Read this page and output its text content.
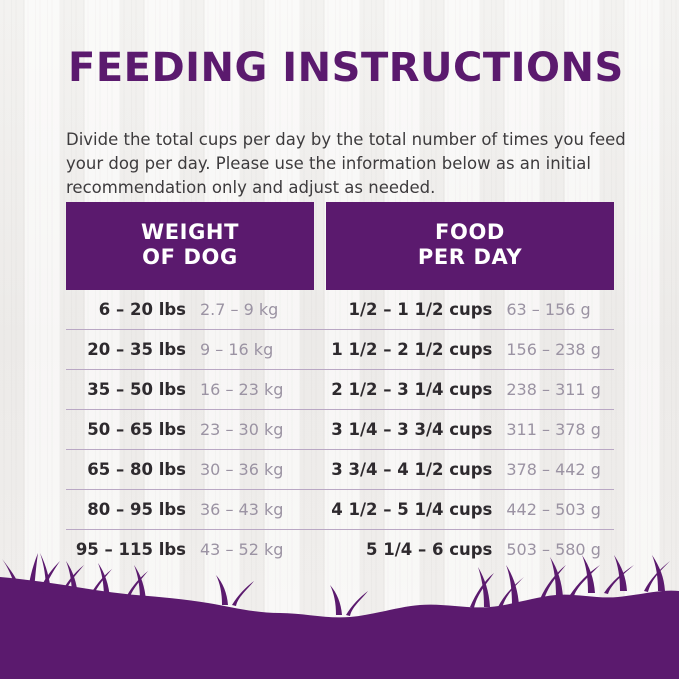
FEEDING INSTRUCTIONS
Divide the total cups per day by the total number of times you feed your dog per day. Please use the information below as an initial recommendation only and adjust as needed.
WEIGHT
OF DOG
FOOD
PER DAY
6 – 20 lbs 2.7 – 9 kg	1/2 – 1 1/2 cups 63 – 156 g
20 – 35 lbs 9 – 16 kg	1 1/2 – 2 1/2 cups 156 – 238 g
35 – 50 lbs 16 – 23 kg	2 1/2 – 3 1/4 cups 238 – 311 g
50 – 65 lbs 23 – 30 kg	3 1/4 – 3 3/4 cups 311 – 378 g
65 – 80 lbs 30 – 36 kg	3 3/4 – 4 1/2 cups 378 – 442 g
80 – 95 lbs 36 – 43 kg	4 1/2 – 5 1/4 cups 442 – 503 g
95 – 115 lbs 43 – 52 kg	5 1/4 – 6 cups 503 – 580 g
